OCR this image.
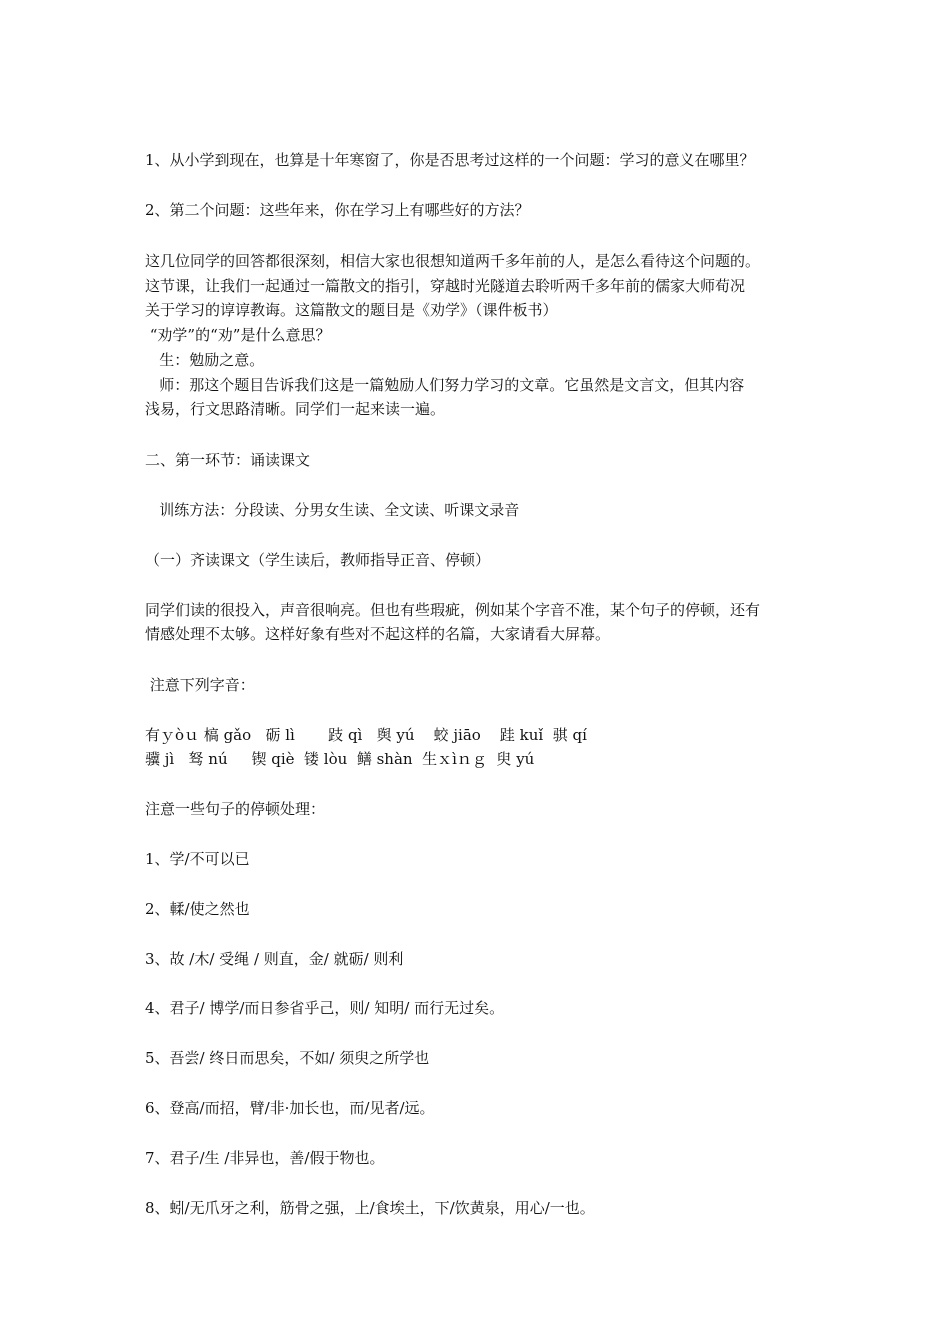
1、从小学到现在，也算是十年寒窗了，你是否思考过这样的一个问题：学习的意义在哪里？

2、第二个问题：这些年来，你在学习上有哪些好的方法？

这几位同学的回答都很深刻，相信大家也很想知道两千多年前的人，是怎么看待这个问题的。

这节课，让我们一起通过一篇散文的指引，穿越时光隧道去聆听两千多年前的儒家大师荀况

关于学习的谆谆教诲。这篇散文的题目是《劝学》（课件板书）

“劝学”的“劝”是什么意思？

生：勉励之意。

师：那这个题目告诉我们这是一篇勉励人们努力学习的文章。它虽然是文言文，但其内容

浅易，行文思路清晰。同学们一起来读一遍。

二、第一环节：诵读课文

训练方法：分段读、分男女生读、全文读、听课文录音

（一）齐读课文（学生读后，教师指导正音、停顿）

同学们读的很投入，声音很响亮。但也有些瑕疵，例如某个字音不准，某个句子的停顿，还有

情感处理不太够。这样好象有些对不起这样的名篇，大家请看大屏幕。

注意下列字音：

有ｙòｕ 槁 gǎo   砺 lì       跂 qì   舆 yú    蛟 jiāo    跬 kuǐ  骐 qí

骥 jì   驽 nú     锲 qiè  镂 lòu  鳝 shàn  生ｘìｎｇ  臾 yú

注意一些句子的停顿处理：

1、学/不可以已

2、輮/使之然也

3、故 /木/ 受绳 / 则直，金/ 就砺/ 则利

4、君子/ 博学/而日参省乎己，则/ 知明/ 而行无过矣。

5、吾尝/ 终日而思矣，不如/ 须臾之所学也

6、登高/而招，臂/非·加长也，而/见者/远。

7、君子/生 /非异也，善/假于物也。

8、蚓/无爪牙之利，筋骨之强，上/食埃土，下/饮黄泉，用心/一也。
